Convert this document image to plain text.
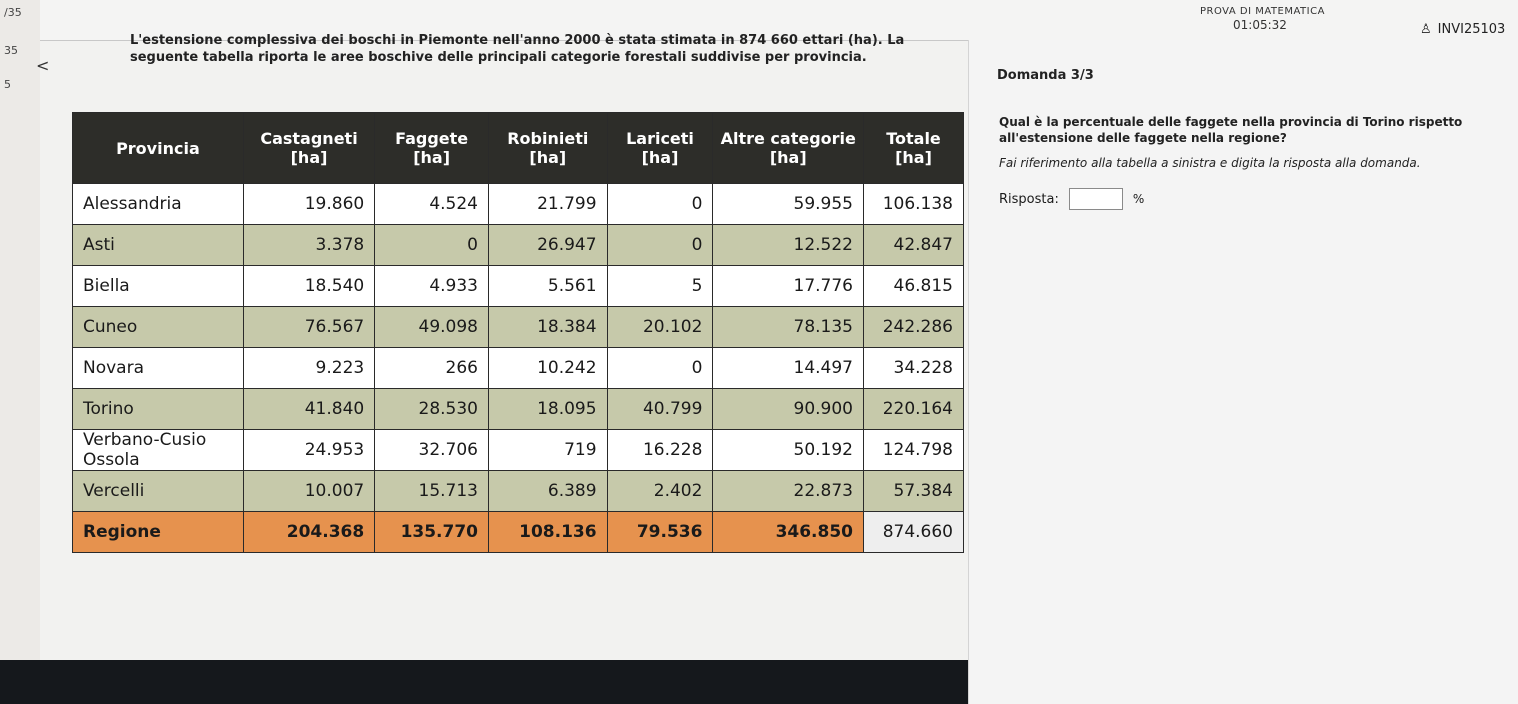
/35
35
5
PROVA DI MATEMATICA
01:05:32	♙ INVI25103
<

L'estensione complessiva dei boschi in Piemonte nell'anno 2000 è stata stimata in 874 660 ettari (ha). La

seguente tabella riporta le aree boschive delle principali categorie forestali suddivise per provincia.

Provincia	Castagneti [ha]	Faggete [ha]	Robinieti [ha]	Lariceti [ha]	Altre categorie [ha]	Totale [ha]
Alessandria	19.860	4.524	21.799	0	59.955	106.138
Asti	3.378	0	26.947	0	12.522	42.847
Biella	18.540	4.933	5.561	5	17.776	46.815
Cuneo	76.567	49.098	18.384	20.102	78.135	242.286
Novara	9.223	266	10.242	0	14.497	34.228
Torino	41.840	28.530	18.095	40.799	90.900	220.164
Verbano-Cusio Ossola	24.953	32.706	719	16.228	50.192	124.798
Vercelli	10.007	15.713	6.389	2.402	22.873	57.384
Regione	204.368	135.770	108.136	79.536	346.850	874.660
Domanda 3/3
Qual è la percentuale delle faggete nella provincia di Torino rispetto all'estensione delle faggete nella regione?
Fai riferimento alla tabella a sinistra e digita la risposta alla domanda.
Risposta:	%
